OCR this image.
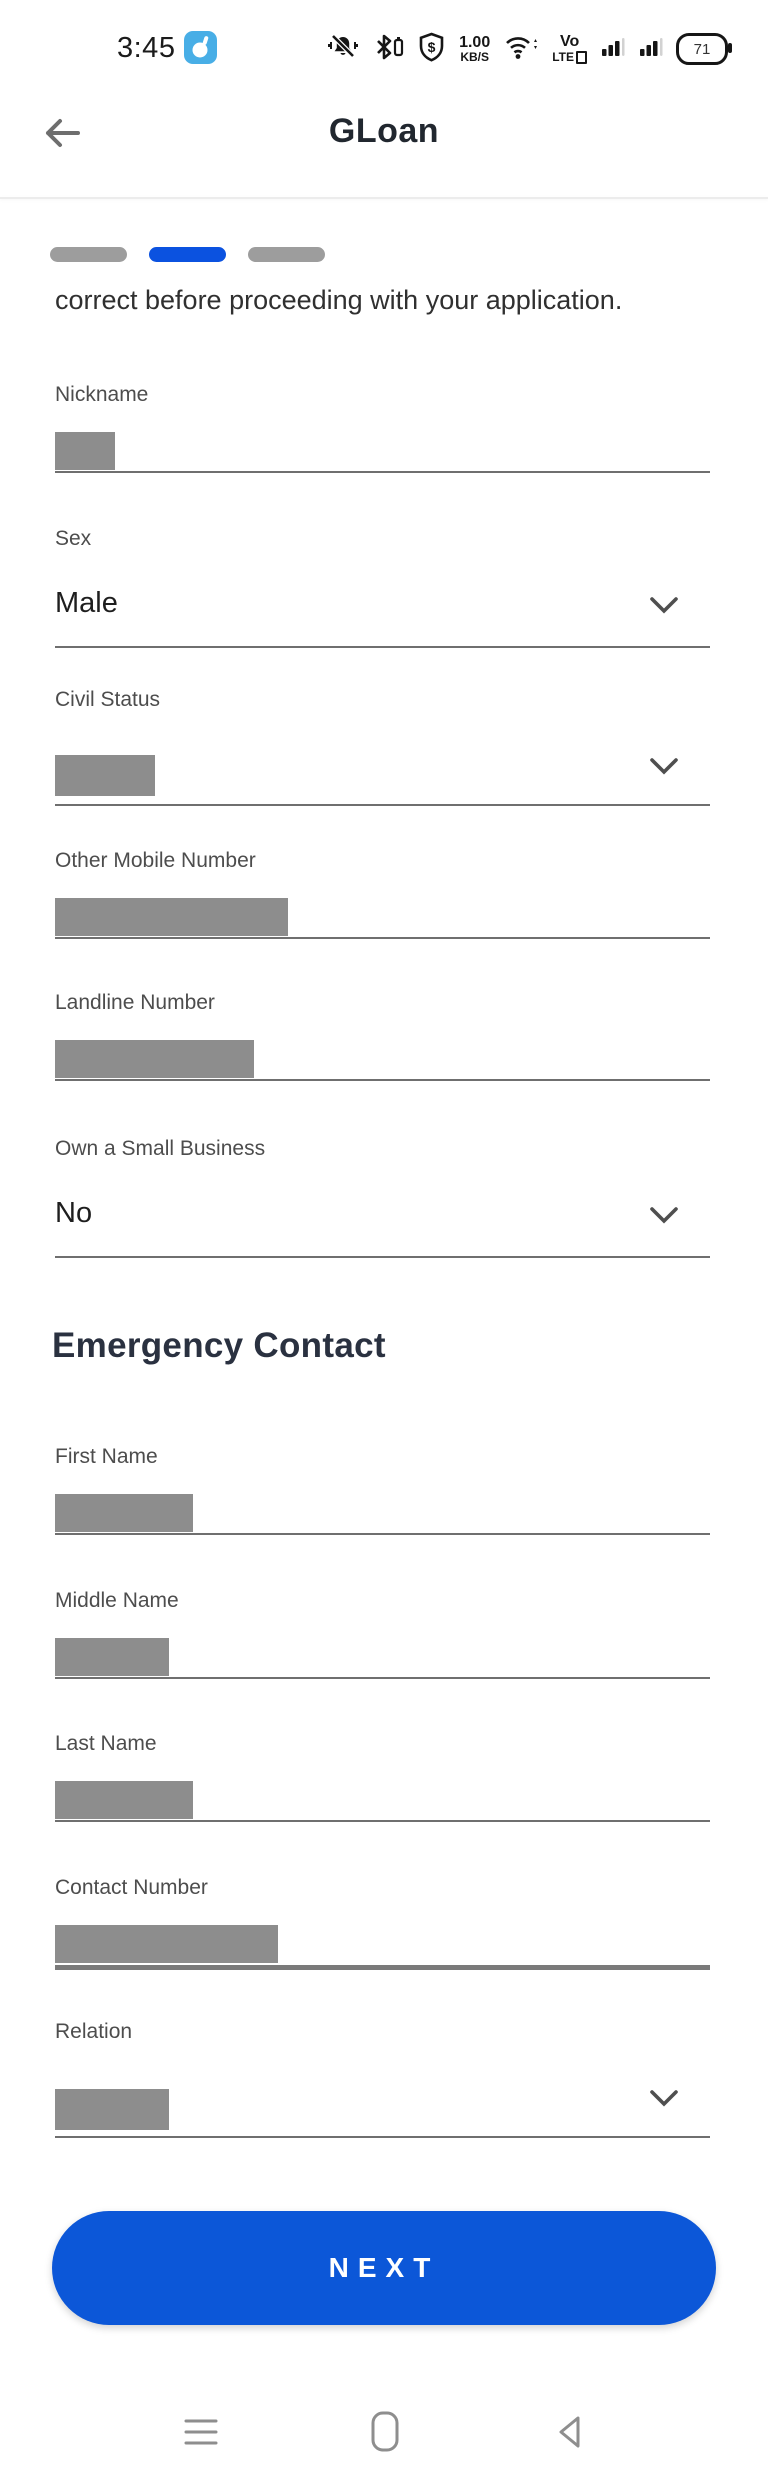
3:45	$ 1.00
KB/S
Vo
LTE	71
GLoan
correct before proceeding with your application.
Nickname
Sex
Male
Civil Status
Other Mobile Number
Landline Number
Own a Small Business
No
Emergency Contact
First Name
Middle Name
Last Name
Contact Number
Relation
NEXT
